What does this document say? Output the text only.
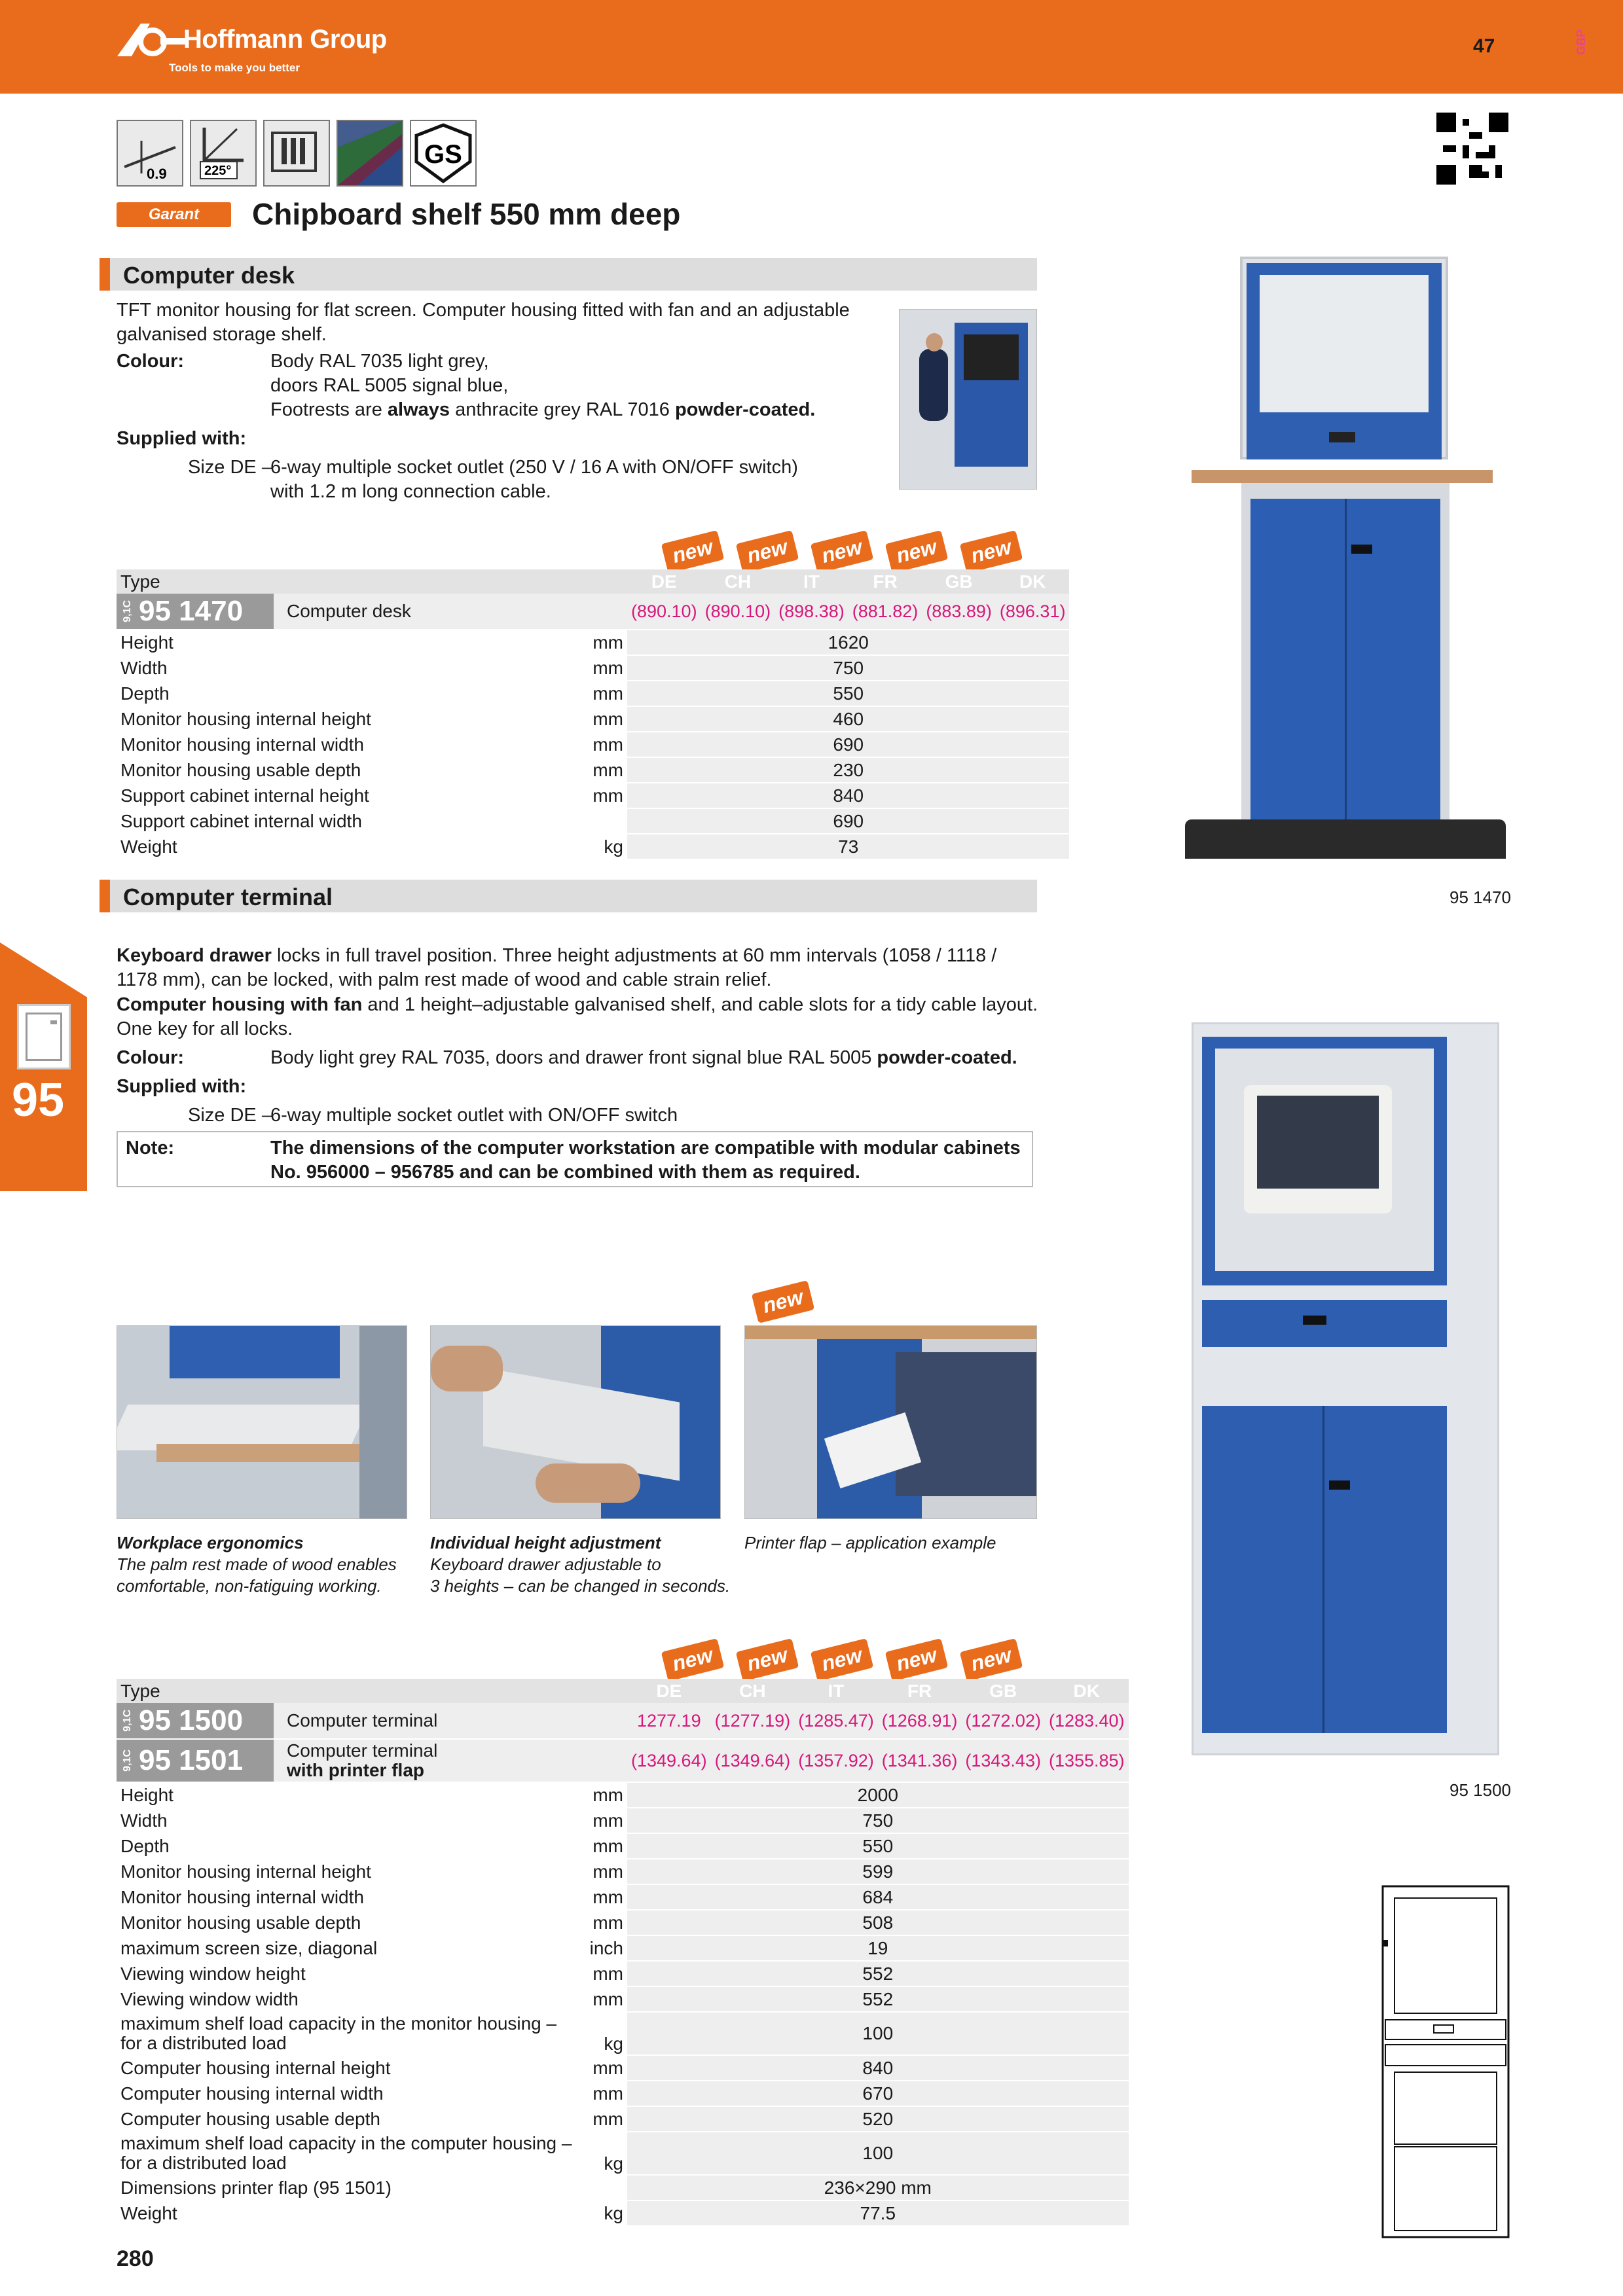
Hoffmann Group
Tools to make you better
47	GBP
95
0.9	225°
GS
Garant	Chipboard shelf 550 mm deep
Computer desk
TFT monitor housing for flat screen. Computer housing fitted with fan and an adjustable galvanised storage shelf.
Colour:	Body RAL 7035 light grey,
doors RAL 5005 signal blue,
Footrests are always anthracite grey RAL 7016 powder-coated.
Supplied with:
Size DE –
6-way multiple socket outlet (250 V / 16 A with ON/OFF switch)
with 1.2 m long connection cable.
new	new	new	new	new
Type		DE	CH	IT	FR	GB	DK

9,1C 95 1470 Computer desk		(890.10)	(890.10)	(898.38)	(881.82)	(883.89)	(896.31)
Height	mm	1620					
Width	mm	750					
Depth	mm	550					
Monitor housing internal height	mm	460					
Monitor housing internal width	mm	690					
Monitor housing usable depth	mm	230					
Support cabinet internal height	mm	840					
Support cabinet internal width		690					
Weight	kg	73					
95 1470
Computer terminal
Keyboard drawer locks in full travel position. Three height adjustments at 60 mm intervals (1058 / 1118 /
1178 mm), can be locked, with palm rest made of wood and cable strain relief.
Computer housing with fan and 1 height–adjustable galvanised shelf, and cable slots for a tidy cable layout.
One key for all locks.
Colour:	Body light grey RAL 7035, doors and drawer front signal blue RAL 5005 powder-coated.
Supplied with:
Size DE –
6-way multiple socket outlet with ON/OFF switch
Note:	The dimensions of the computer workstation are compatible with modular cabinets
No. 956000 – 956785 and can be combined with them as required.
new
Workplace ergonomics
The palm rest made of wood enables
comfortable, non-fatiguing working.
Individual height adjustment
Keyboard drawer adjustable to
3 heights – can be changed in seconds.
Printer flap – application example
new	new	new	new	new
Type		DE	CH	IT	FR	GB	DK

9,1C 95 1500 Computer terminal		1277.19	(1277.19)	(1285.47)	(1268.91)	(1272.02)	(1283.40)

9,1C 95 1501 Computer terminal
with printer flap		(1349.64)	(1349.64)	(1357.92)	(1341.36)	(1343.43)	(1355.85)
Height	mm	2000					
Width	mm	750					
Depth	mm	550					
Monitor housing internal height	mm	599					
Monitor housing internal width	mm	684					
Monitor housing usable depth	mm	508					
maximum screen size, diagonal	inch	19					
Viewing window height	mm	552					
Viewing window width	mm	552					

maximum shelf load capacity in the monitor housing –
for a distributed load	kg	100					
Computer housing internal height	mm	840					
Computer housing internal width	mm	670					
Computer housing usable depth	mm	520					

maximum shelf load capacity in the computer housing –
for a distributed load	kg	100					
Dimensions printer flap (95 1501)		236×290 mm					
Weight	kg	77.5					
95 1500
280
